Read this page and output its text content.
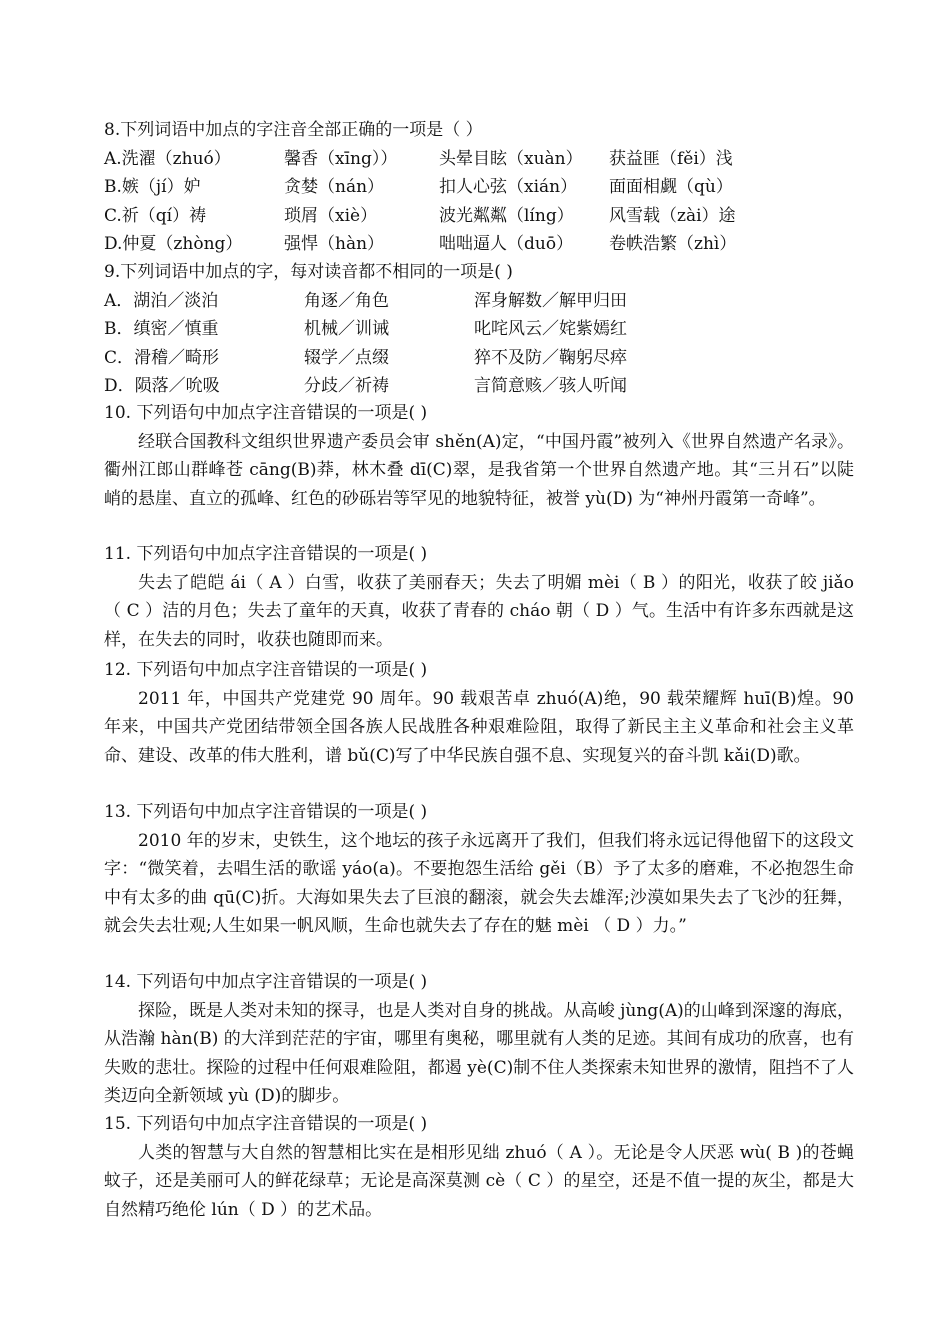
8.下列词语中加点的字注音全部正确的一项是（ ）
A.洗濯（zhuó）	馨香（xīng））	头晕目眩（xuàn）	获益匪（fěi）浅
B.嫉（jí）妒	贪婪（nán）	扣人心弦（xián）	面面相觑（qù）
C.祈（qí）祷	琐屑（xiè）	波光粼粼（líng）	风雪载（zài）途
D.仲夏（zhòng）	强悍（hàn）	咄咄逼人（duō）	卷帙浩繁（zhì）
9.下列词语中加点的字，每对读音都不相同的一项是( )
A．湖泊／淡泊	角逐／角色	浑身解数／解甲归田
B．缜密／慎重	机械／训诫	叱咤风云／姹紫嫣红
C．滑稽／畸形	辍学／点缀	猝不及防／鞠躬尽瘁
D．陨落／吮吸	分歧／祈祷	言简意赅／骇人听闻
10. 下列语句中加点字注音错误的一项是( )
经联合国教科文组织世界遗产委员会审 shěn(A)定，“中国丹霞”被列入《世界自然遗产名录》。衢州江郎山群峰苍 cāng(B)莽，林木叠 dī(C)翠，是我省第一个世界自然遗产地。其“三爿石”以陡峭的悬崖、直立的孤峰、红色的砂砾岩等罕见的地貌特征，被誉 yù(D) 为“神州丹霞第一奇峰”。
11. 下列语句中加点字注音错误的一项是( )
失去了皑皑 ái（ A ）白雪，收获了美丽春天；失去了明媚 mèi（ B ）的阳光，收获了皎 jiǎo（ C ）洁的月色；失去了童年的天真，收获了青春的 cháo 朝（ D ）气。生活中有许多东西就是这样，在失去的同时，收获也随即而来。
12. 下列语句中加点字注音错误的一项是( )
2011 年，中国共产党建党 90 周年。90 载艰苦卓 zhuó(A)绝，90 载荣耀辉 huī(B)煌。90 年来，中国共产党团结带领全国各族人民战胜各种艰难险阻，取得了新民主主义革命和社会主义革命、建设、改革的伟大胜利，谱 bǔ(C)写了中华民族自强不息、实现复兴的奋斗凯 kǎi(D)歌。
13. 下列语句中加点字注音错误的一项是( )
2010 年的岁末，史铁生，这个地坛的孩子永远离开了我们，但我们将永远记得他留下的这段文字：“微笑着，去唱生活的歌谣 yáo(a)。不要抱怨生活给 gěi（B）予了太多的磨难，不必抱怨生命中有太多的曲 qū(C)折。大海如果失去了巨浪的翻滚，就会失去雄浑;沙漠如果失去了飞沙的狂舞，就会失去壮观;人生如果一帆风顺，生命也就失去了存在的魅 mèi （ D ）力。”
14. 下列语句中加点字注音错误的一项是( )
探险，既是人类对未知的探寻，也是人类对自身的挑战。从高峻 jùng(A)的山峰到深邃的海底，从浩瀚 hàn(B) 的大洋到茫茫的宇宙，哪里有奥秘，哪里就有人类的足迹。其间有成功的欣喜，也有失败的悲壮。探险的过程中任何艰难险阻，都遏 yè(C)制不住人类探索未知世界的激情，阻挡不了人类迈向全新领域 yù (D)的脚步。
15. 下列语句中加点字注音错误的一项是( )
人类的智慧与大自然的智慧相比实在是相形见绌 zhuó（ A ）。无论是令人厌恶 wù( B )的苍蝇蚊子，还是美丽可人的鲜花绿草；无论是高深莫测 cè（ C ）的星空，还是不值一提的灰尘，都是大自然精巧绝伦 lún（ D ）的艺术品。
